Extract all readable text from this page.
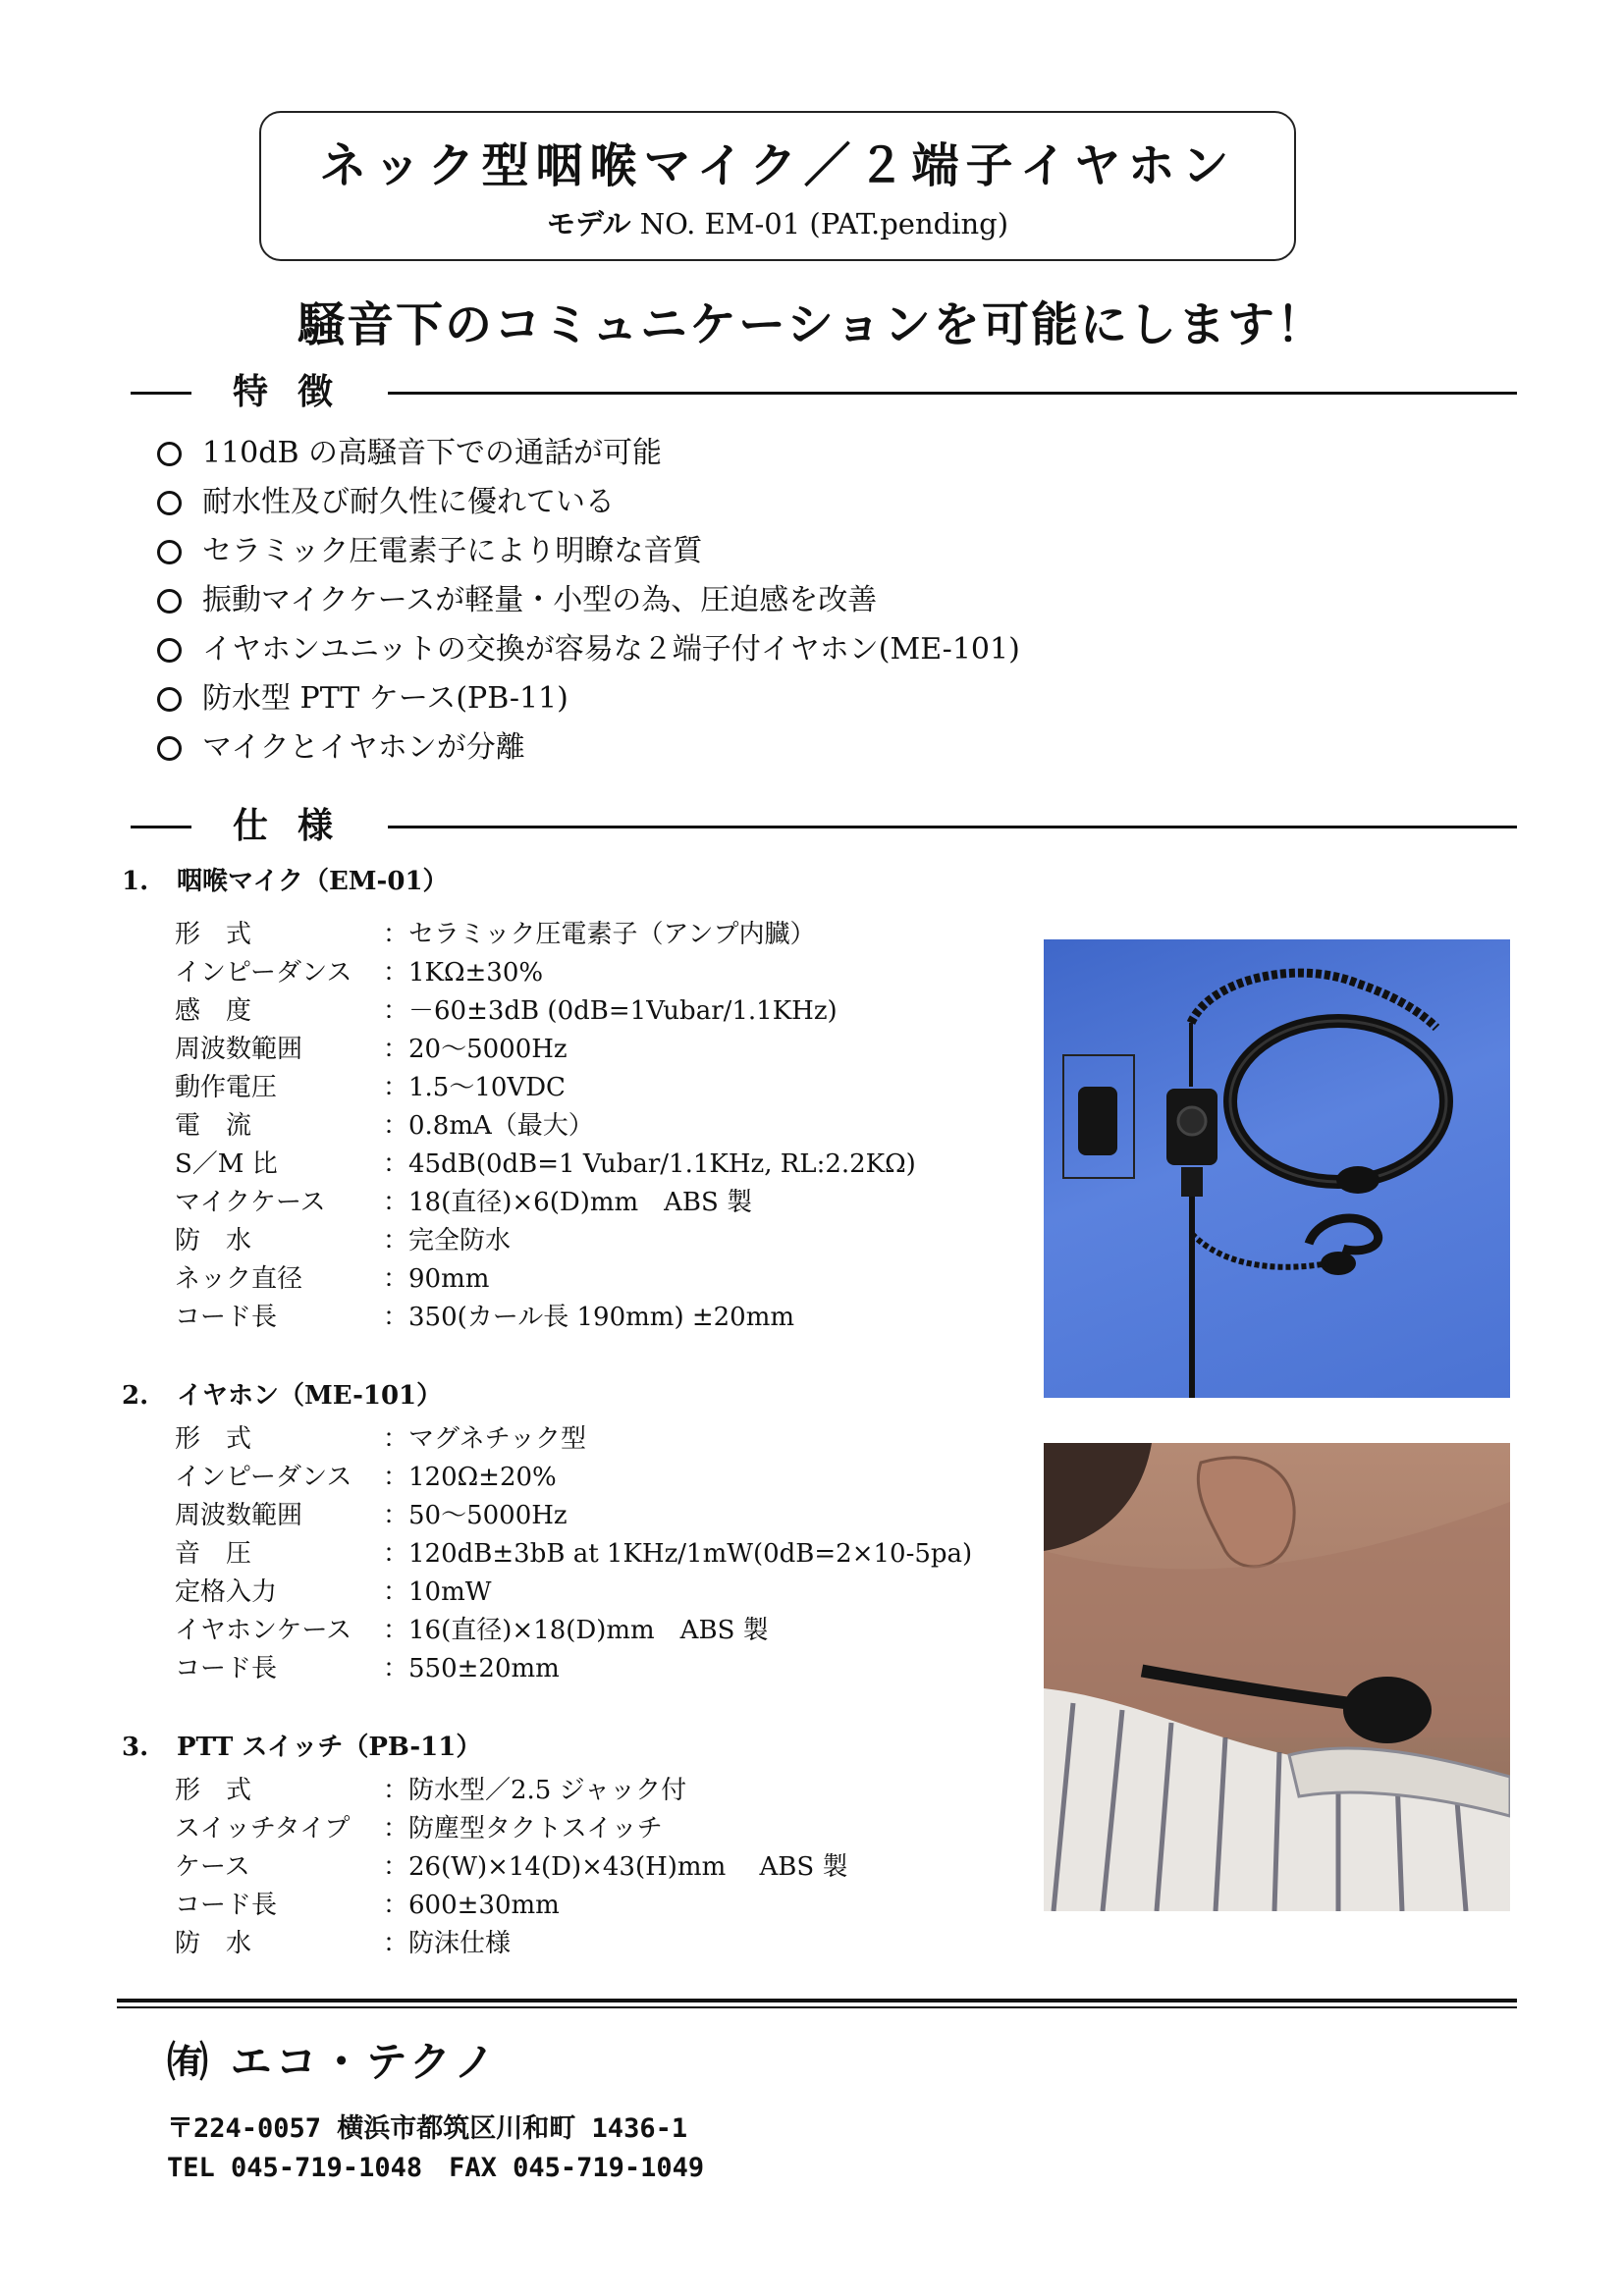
ネック型咽喉マイク／２端子イヤホン
モデル NO. EM-01 (PAT.pending)
騒音下のコミュニケーションを可能にします！
特徴
110dB の高騒音下での通話が可能
耐水性及び耐久性に優れている
セラミック圧電素子により明瞭な音質
振動マイクケースが軽量・小型の為、圧迫感を改善
イヤホンユニットの交換が容易な２端子付イヤホン(ME-101)
防水型 PTT ケース(PB-11)
マイクとイヤホンが分離
仕様
1. 咽喉マイク（EM-01）
形　式	：セラミック圧電素子（アンプ内臓）
インピーダンス ：1KΩ±30%
感　度	：－60±3dB (0dB=1Vubar/1.1KHz)
周波数範囲	：20〜5000Hz
動作電圧	：1.5〜10VDC
電　流	：0.8mA（最大）
S／M 比	：45dB(0dB=1 Vubar/1.1KHz, RL:2.2KΩ)
マイクケース ：18(直径)×6(D)mm　ABS 製
防　水	：完全防水
ネック直径	：90mm
コード長	：350(カール長 190mm) ±20mm
2. イヤホン（ME-101）
形　式	：マグネチック型
インピーダンス ：120Ω±20%
周波数範囲	：50〜5000Hz
音　圧	：120dB±3bB at 1KHz/1mW(0dB=2×10-5pa)
定格入力	：10mW
イヤホンケース ：16(直径)×18(D)mm　ABS 製
コード長	：550±20mm
3. PTT スイッチ（PB-11）
形　式	：防水型／2.5 ジャック付
スイッチタイプ ：防塵型タクトスイッチ
ケース	：26(W)×14(D)×43(H)mm　 ABS 製
コード長	：600±30mm
防　水	：防沫仕様
㈲ エコ・テクノ
〒224-0057 横浜市都筑区川和町 1436-1
TEL 045-719-1048　FAX 045-719-1049
